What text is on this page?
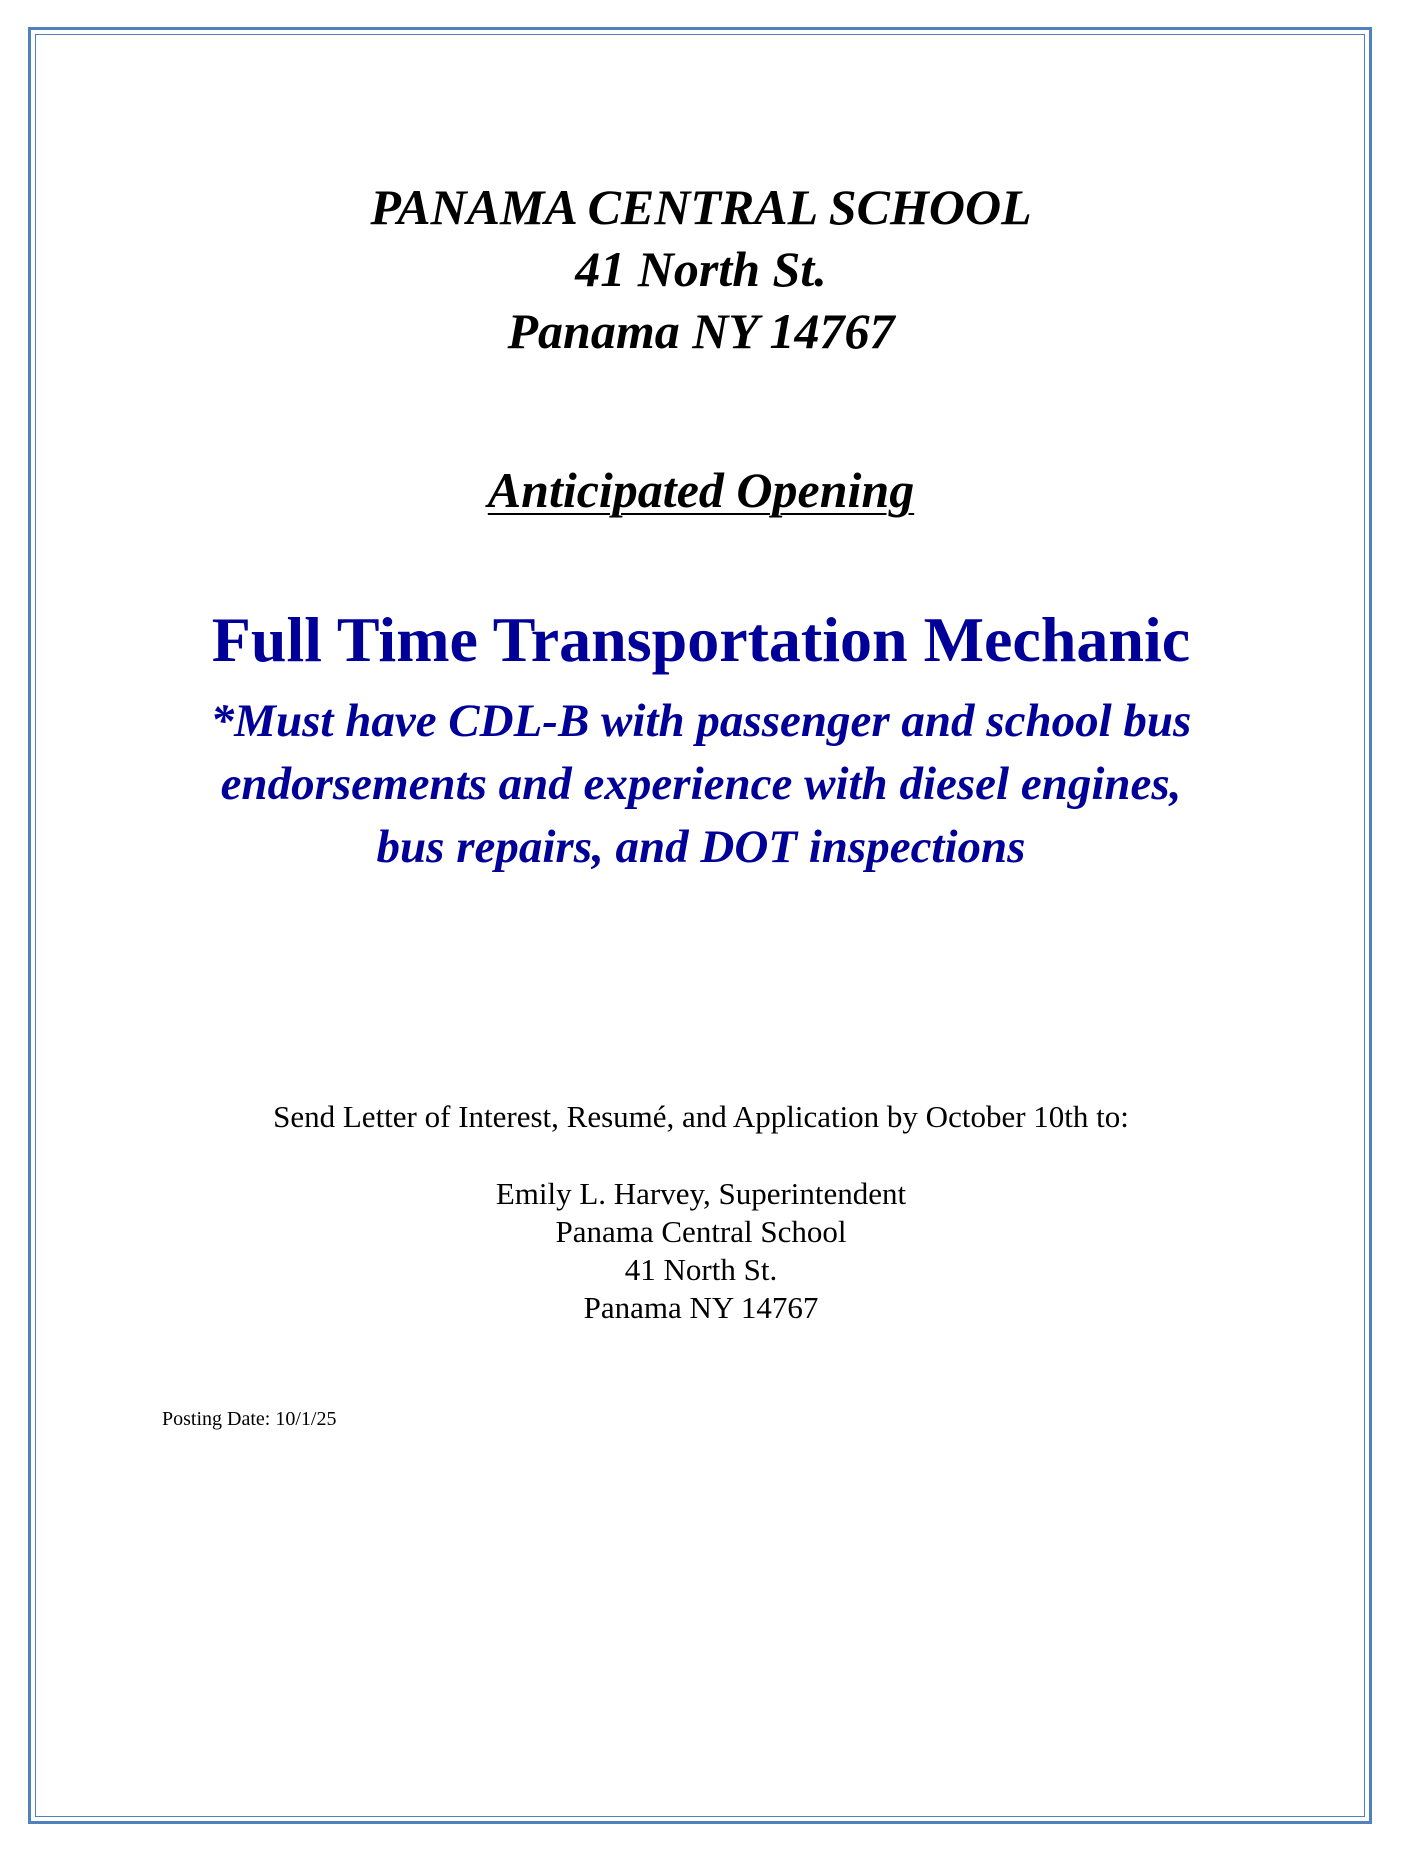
PANAMA CENTRAL SCHOOL
41 North St.
Panama NY 14767
Anticipated Opening
Full Time Transportation Mechanic
*Must have CDL-B with passenger and school bus
endorsements and experience with diesel engines,
bus repairs, and DOT inspections
Send Letter of Interest, Resumé, and Application by October 10th to:
Emily L. Harvey, Superintendent
Panama Central School
41 North St.
Panama NY 14767
Posting Date: 10/1/25
